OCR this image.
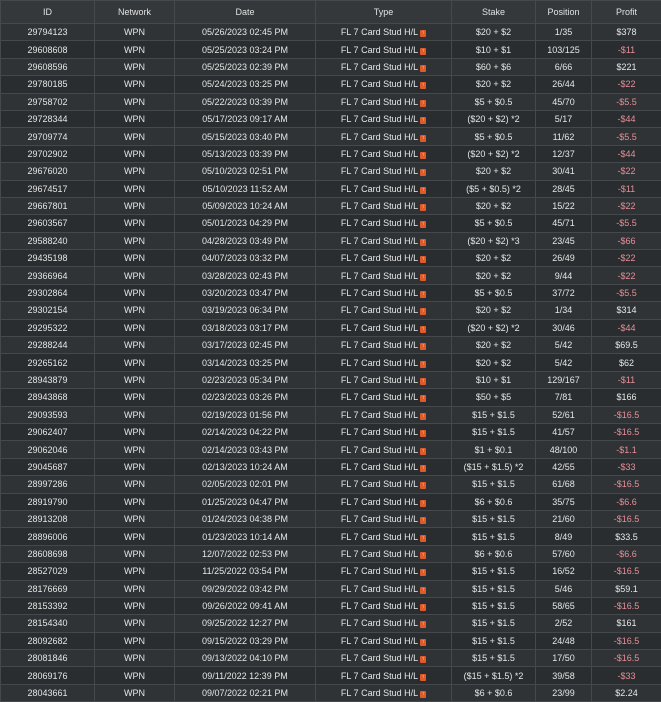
ID	Network	Date	Type	Stake	Position	Profit
29794123	WPN	05/26/2023 02:45 PM	FL 7 Card Stud H/L ↑	$20 + $2	1/35	$378
29608608	WPN	05/25/2023 03:24 PM	FL 7 Card Stud H/L ↑	$10 + $1	103/125	-$11
29608596	WPN	05/25/2023 02:39 PM	FL 7 Card Stud H/L ↑	$60 + $6	6/66	$221
29780185	WPN	05/24/2023 03:25 PM	FL 7 Card Stud H/L ↑	$20 + $2	26/44	-$22
29758702	WPN	05/22/2023 03:39 PM	FL 7 Card Stud H/L ↑	$5 + $0.5	45/70	-$5.5
29728344	WPN	05/17/2023 09:17 AM	FL 7 Card Stud H/L ↑	($20 + $2) *2	5/17	-$44
29709774	WPN	05/15/2023 03:40 PM	FL 7 Card Stud H/L ↑	$5 + $0.5	11/62	-$5.5
29702902	WPN	05/13/2023 03:39 PM	FL 7 Card Stud H/L ↑	($20 + $2) *2	12/37	-$44
29676020	WPN	05/10/2023 02:51 PM	FL 7 Card Stud H/L ↑	$20 + $2	30/41	-$22
29674517	WPN	05/10/2023 11:52 AM	FL 7 Card Stud H/L ↑	($5 + $0.5) *2	28/45	-$11
29667801	WPN	05/09/2023 10:24 AM	FL 7 Card Stud H/L ↑	$20 + $2	15/22	-$22
29603567	WPN	05/01/2023 04:29 PM	FL 7 Card Stud H/L ↑	$5 + $0.5	45/71	-$5.5
29588240	WPN	04/28/2023 03:49 PM	FL 7 Card Stud H/L ↑	($20 + $2) *3	23/45	-$66
29435198	WPN	04/07/2023 03:32 PM	FL 7 Card Stud H/L ↑	$20 + $2	26/49	-$22
29366964	WPN	03/28/2023 02:43 PM	FL 7 Card Stud H/L ↑	$20 + $2	9/44	-$22
29302864	WPN	03/20/2023 03:47 PM	FL 7 Card Stud H/L ↑	$5 + $0.5	37/72	-$5.5
29302154	WPN	03/19/2023 06:34 PM	FL 7 Card Stud H/L ↑	$20 + $2	1/34	$314
29295322	WPN	03/18/2023 03:17 PM	FL 7 Card Stud H/L ↑	($20 + $2) *2	30/46	-$44
29288244	WPN	03/17/2023 02:45 PM	FL 7 Card Stud H/L ↑	$20 + $2	5/42	$69.5
29265162	WPN	03/14/2023 03:25 PM	FL 7 Card Stud H/L ↑	$20 + $2	5/42	$62
28943879	WPN	02/23/2023 05:34 PM	FL 7 Card Stud H/L ↑	$10 + $1	129/167	-$11
28943868	WPN	02/23/2023 03:26 PM	FL 7 Card Stud H/L ↑	$50 + $5	7/81	$166
29093593	WPN	02/19/2023 01:56 PM	FL 7 Card Stud H/L ↑	$15 + $1.5	52/61	-$16.5
29062407	WPN	02/14/2023 04:22 PM	FL 7 Card Stud H/L ↑	$15 + $1.5	41/57	-$16.5
29062046	WPN	02/14/2023 03:43 PM	FL 7 Card Stud H/L ↑	$1 + $0.1	48/100	-$1.1
29045687	WPN	02/13/2023 10:24 AM	FL 7 Card Stud H/L ↑	($15 + $1.5) *2	42/55	-$33
28997286	WPN	02/05/2023 02:01 PM	FL 7 Card Stud H/L ↑	$15 + $1.5	61/68	-$16.5
28919790	WPN	01/25/2023 04:47 PM	FL 7 Card Stud H/L ↑	$6 + $0.6	35/75	-$6.6
28913208	WPN	01/24/2023 04:38 PM	FL 7 Card Stud H/L ↑	$15 + $1.5	21/60	-$16.5
28896006	WPN	01/23/2023 10:14 AM	FL 7 Card Stud H/L ↑	$15 + $1.5	8/49	$33.5
28608698	WPN	12/07/2022 02:53 PM	FL 7 Card Stud H/L ↑	$6 + $0.6	57/60	-$6.6
28527029	WPN	11/25/2022 03:54 PM	FL 7 Card Stud H/L ↑	$15 + $1.5	16/52	-$16.5
28176669	WPN	09/29/2022 03:42 PM	FL 7 Card Stud H/L ↑	$15 + $1.5	5/46	$59.1
28153392	WPN	09/26/2022 09:41 AM	FL 7 Card Stud H/L ↑	$15 + $1.5	58/65	-$16.5
28154340	WPN	09/25/2022 12:27 PM	FL 7 Card Stud H/L ↑	$15 + $1.5	2/52	$161
28092682	WPN	09/15/2022 03:29 PM	FL 7 Card Stud H/L ↑	$15 + $1.5	24/48	-$16.5
28081846	WPN	09/13/2022 04:10 PM	FL 7 Card Stud H/L ↑	$15 + $1.5	17/50	-$16.5
28069176	WPN	09/11/2022 12:39 PM	FL 7 Card Stud H/L ↑	($15 + $1.5) *2	39/58	-$33
28043661	WPN	09/07/2022 02:21 PM	FL 7 Card Stud H/L ↑	$6 + $0.6	23/99	$2.24
